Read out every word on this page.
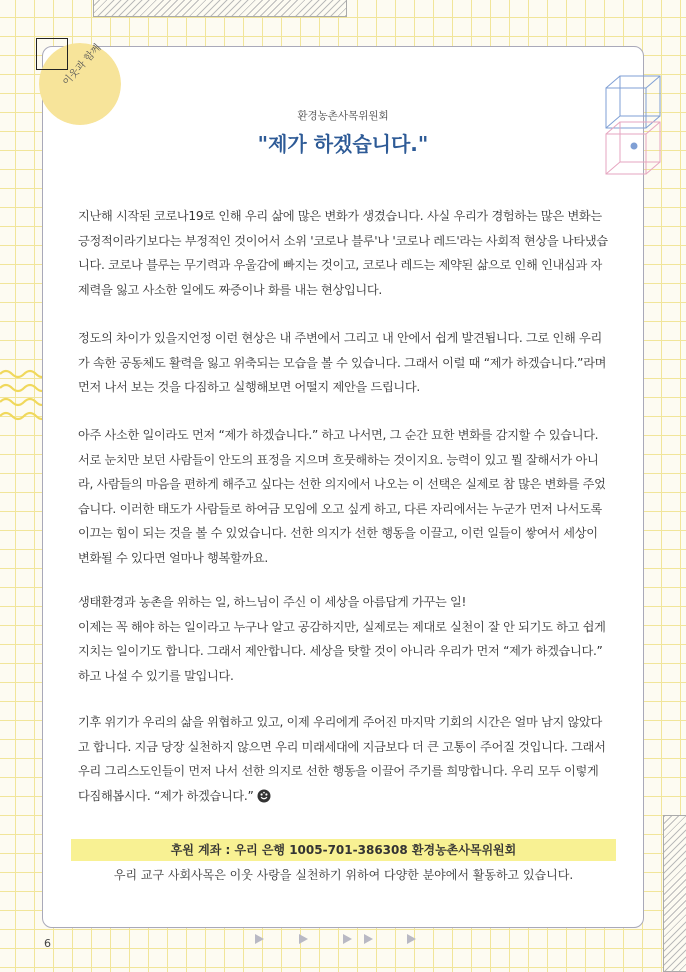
이웃과 함께
환경농촌사목위원회
"제가 하겠습니다."

지난해 시작된 코로나19로 인해 우리 삶에 많은 변화가 생겼습니다. 사실 우리가 경험하는 많은 변화는 긍정적이라기보다는 부정적인 것이어서 소위 '코로나 블루'나 '코로나 레드'라는 사회적 현상을 나타냈습니다. 코로나 블루는 무기력과 우울감에 빠지는 것이고, 코로나 레드는 제약된 삶으로 인해 인내심과 자제력을 잃고 사소한 일에도 짜증이나 화를 내는 현상입니다.

정도의 차이가 있을지언정 이런 현상은 내 주변에서 그리고 내 안에서 쉽게 발견됩니다. 그로 인해 우리가 속한 공동체도 활력을 잃고 위축되는 모습을 볼 수 있습니다. 그래서 이럴 때 “제가 하겠습니다.”라며 먼저 나서 보는 것을 다짐하고 실행해보면 어떨지 제안을 드립니다.

아주 사소한 일이라도 먼저 “제가 하겠습니다.” 하고 나서면, 그 순간 묘한 변화를 감지할 수 있습니다. 서로 눈치만 보던 사람들이 안도의 표정을 지으며 흐뭇해하는 것이지요. 능력이 있고 뭘 잘해서가 아니라, 사람들의 마음을 편하게 해주고 싶다는 선한 의지에서 나오는 이 선택은 실제로 참 많은 변화를 주었습니다. 이러한 태도가 사람들로 하여금 모임에 오고 싶게 하고, 다른 자리에서는 누군가 먼저 나서도록 이끄는 힘이 되는 것을 볼 수 있었습니다. 선한 의지가 선한 행동을 이끌고, 이런 일들이 쌓여서 세상이 변화될 수 있다면 얼마나 행복할까요.

생태환경과 농촌을 위하는 일, 하느님이 주신 이 세상을 아름답게 가꾸는 일!

이제는 꼭 해야 하는 일이라고 누구나 알고 공감하지만, 실제로는 제대로 실천이 잘 안 되기도 하고 쉽게 지치는 일이기도 합니다. 그래서 제안합니다. 세상을 탓할 것이 아니라 우리가 먼저 “제가 하겠습니다.” 하고 나설 수 있기를 말입니다.

기후 위기가 우리의 삶을 위협하고 있고, 이제 우리에게 주어진 마지막 기회의 시간은 얼마 남지 않았다고 합니다. 지금 당장 실천하지 않으면 우리 미래세대에 지금보다 더 큰 고통이 주어질 것입니다. 그래서 우리 그리스도인들이 먼저 나서 선한 의지로 선한 행동을 이끌어 주기를 희망합니다. 우리 모두 이렇게 다짐해봅시다. “제가 하겠습니다.”

후원 계좌 : 우리 은행 1005-701-386308 환경농촌사목위원회
우리 교구 사회사목은 이웃 사랑을 실천하기 위하여 다양한 분야에서 활동하고 있습니다.
6
